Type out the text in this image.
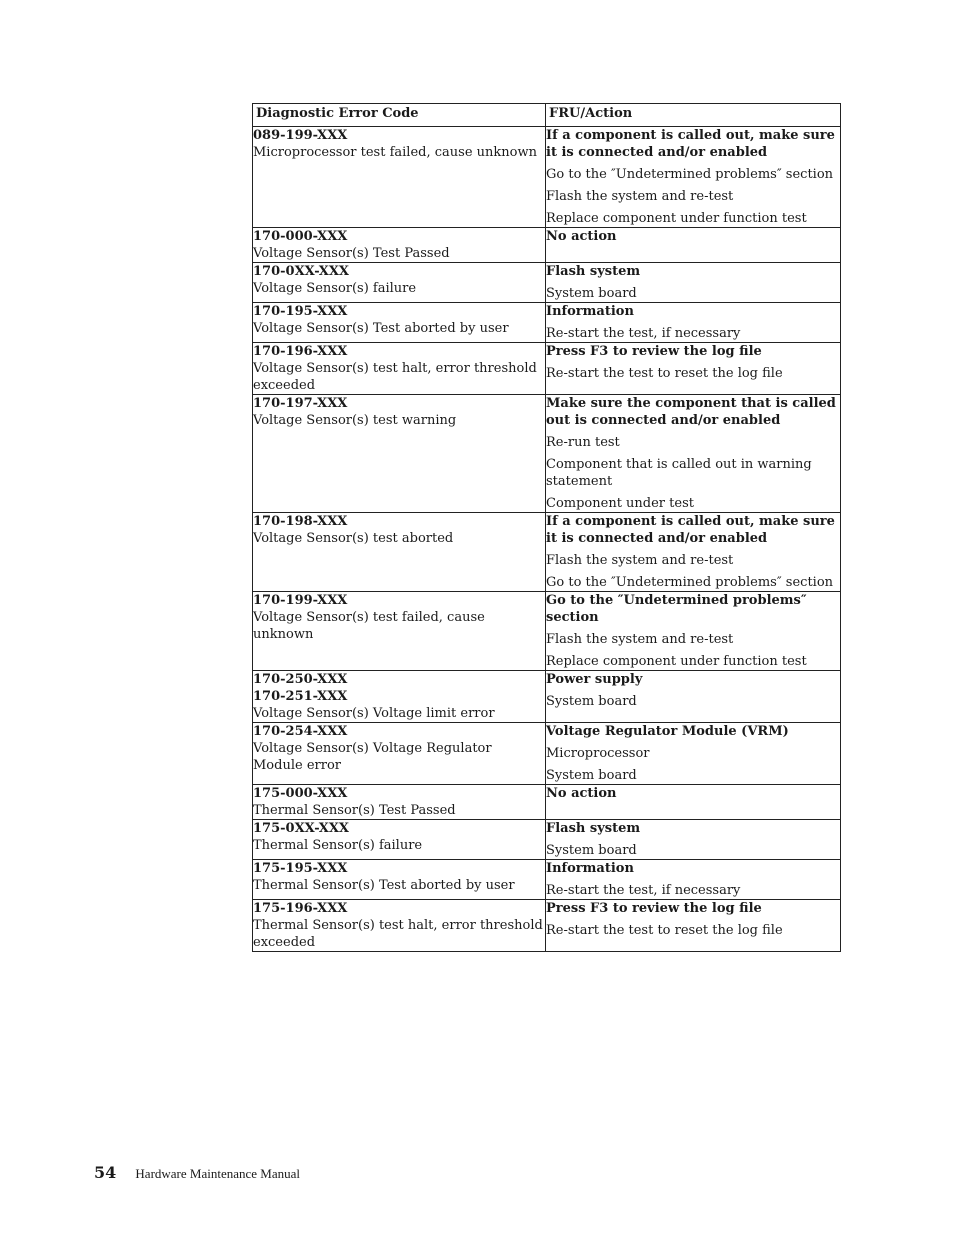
Diagnostic Error Code	FRU/Action

089-199-XXX
Microprocessor test failed, cause unknown	If a component is called out, make sure it is connected and/or enabled
Go to the ″Undetermined problems″ section
Flash the system and re-test
Replace component under function test

170-000-XXX
Voltage Sensor(s) Test Passed	No action

170-0XX-XXX
Voltage Sensor(s) failure	Flash system
System board

170-195-XXX
Voltage Sensor(s) Test aborted by user	Information
Re-start the test, if necessary

170-196-XXX
Voltage Sensor(s) test halt, error threshold exceeded	Press F3 to review the log file
Re-start the test to reset the log file

170-197-XXX
Voltage Sensor(s) test warning	Make sure the component that is called out is connected and/or enabled
Re-run test
Component that is called out in warning statement
Component under test

170-198-XXX
Voltage Sensor(s) test aborted	If a component is called out, make sure it is connected and/or enabled
Flash the system and re-test
Go to the ″Undetermined problems″ section

170-199-XXX
Voltage Sensor(s) test failed, cause unknown	Go to the ″Undetermined problems″ section
Flash the system and re-test
Replace component under function test

170-250-XXX
170-251-XXX
Voltage Sensor(s) Voltage limit error	Power supply
System board

170-254-XXX
Voltage Sensor(s) Voltage Regulator Module error	Voltage Regulator Module (VRM)
Microprocessor
System board

175-000-XXX
Thermal Sensor(s) Test Passed	No action

175-0XX-XXX
Thermal Sensor(s) failure	Flash system
System board

175-195-XXX
Thermal Sensor(s) Test aborted by user	Information
Re-start the test, if necessary

175-196-XXX
Thermal Sensor(s) test halt, error threshold exceeded	Press F3 to review the log file
Re-start the test to reset the log file
54 Hardware Maintenance Manual
